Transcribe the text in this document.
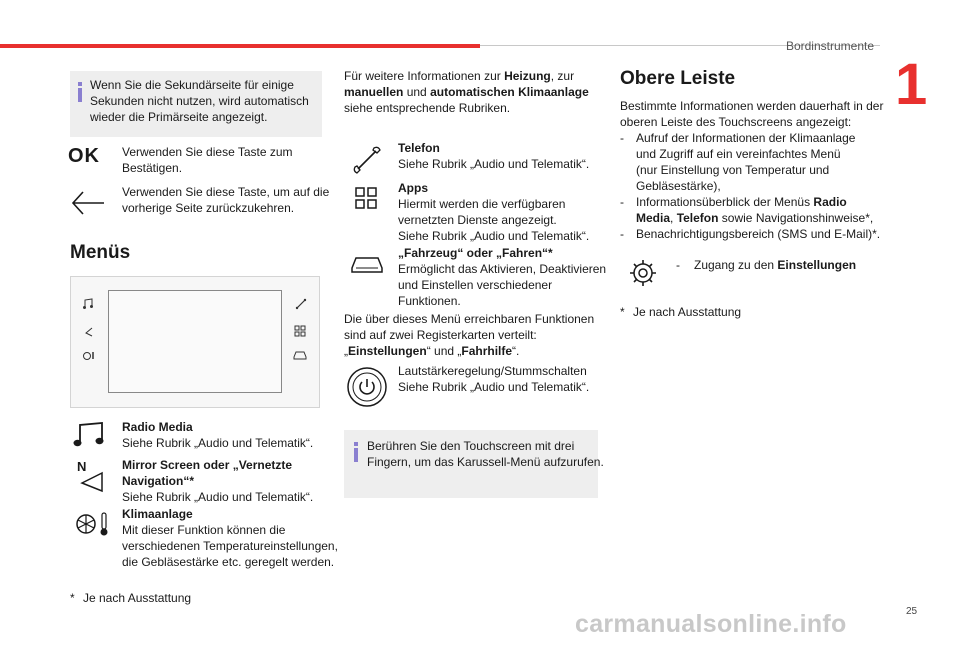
Bordinstrumente
1
Wenn Sie die Sekundärseite für einige
Sekunden nicht nutzen, wird automatisch
wieder die Primärseite angezeigt.
OK Verwenden Sie diese Taste zum
Bestätigen.
Verwenden Sie diese Taste, um auf die
vorherige Seite zurückzukehren.
Menüs
Radio Media
Siehe Rubrik „Audio und Telematik“.
N	Mirror Screen oder „Vernetzte
Navigation“*
Siehe Rubrik „Audio und Telematik“.
Klimaanlage
Mit dieser Funktion können die
verschiedenen Temperatureinstellungen,
die Gebläsestärke etc. geregelt werden.
* Je nach Ausstattung
Für weitere Informationen zur Heizung, zur
manuellen und automatischen Klimaanlage
siehe entsprechende Rubriken.
Telefon
Siehe Rubrik „Audio und Telematik“.
Apps
Hiermit werden die verfügbaren
vernetzten Dienste angezeigt.
Siehe Rubrik „Audio und Telematik“.
„Fahrzeug“ oder „Fahren“*
Ermöglicht das Aktivieren, Deaktivieren
und Einstellen verschiedener
Funktionen.
Die über dieses Menü erreichbaren Funktionen
sind auf zwei Registerkarten verteilt:
„Einstellungen“ und „Fahrhilfe“.
Lautstärkeregelung/Stummschalten
Siehe Rubrik „Audio und Telematik“.
Berühren Sie den Touchscreen mit drei
Fingern, um das Karussell-Menü aufzurufen.
Obere Leiste
Bestimmte Informationen werden dauerhaft in der
oberen Leiste des Touchscreens angezeigt:
-	Aufruf der Informationen der Klimaanlage
und Zugriff auf ein vereinfachtes Menü
(nur Einstellung von Temperatur und
Gebläsestärke),
-	Informationsüberblick der Menüs Radio
Media, Telefon sowie Navigationshinweise*,
-	Benachrichtigungsbereich (SMS und E-Mail)*.
- Zugang zu den Einstellungen
* Je nach Ausstattung
25
carmanualsonline.info
